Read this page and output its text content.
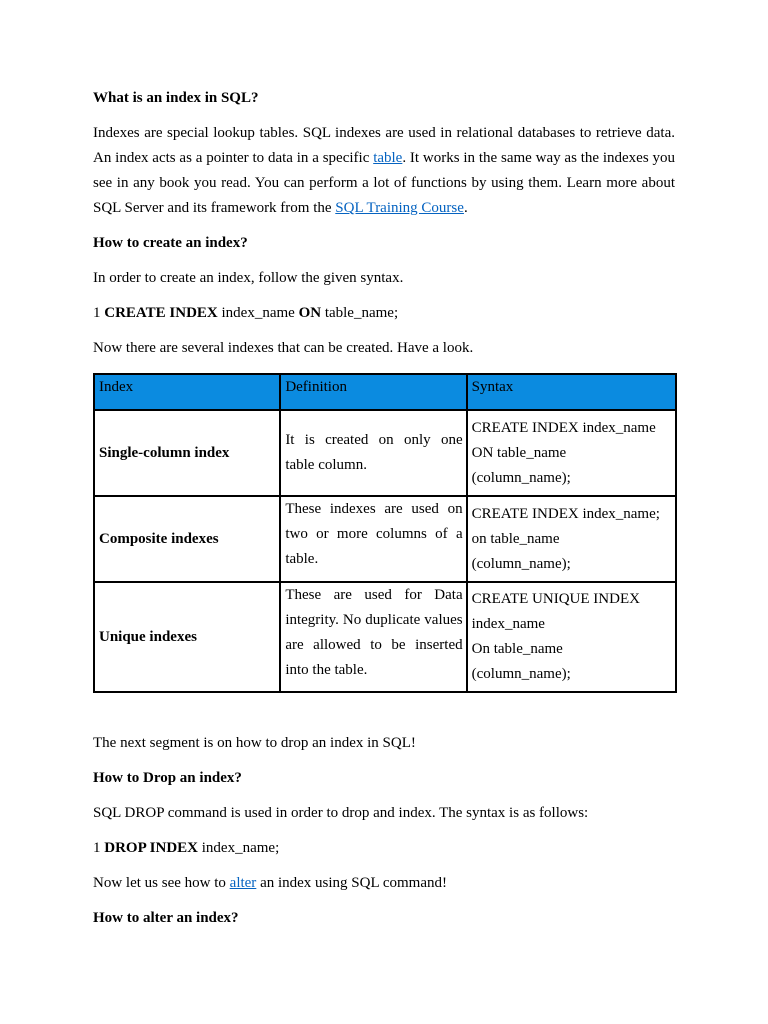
What is an index in SQL?

Indexes are special lookup tables. SQL indexes are used in relational databases to retrieve data. An index acts as a pointer to data in a specific table. It works in the same way as the indexes you see in any book you read. You can perform a lot of functions by using them. Learn more about SQL Server and its framework from the SQL Training Course.

How to create an index?

In order to create an index, follow the given syntax.

1 CREATE INDEX index_name ON table_name;

Now there are several indexes that can be created. Have a look.

Index	Definition	Syntax
Single-column index	It is created on only one table column.	CREATE INDEX index_name
ON table_name
(column_name);

Composite indexes	These indexes are used on two or more columns of a table.	CREATE INDEX index_name;
on table_name
(column_name);

Unique indexes	These are used for Data integrity. No duplicate values are allowed to be inserted into the table.	CREATE UNIQUE INDEX
index_name
On table_name
(column_name);

The next segment is on how to drop an index in SQL!

How to Drop an index?

SQL DROP command is used in order to drop and index. The syntax is as follows:

1 DROP INDEX index_name;

Now let us see how to alter an index using SQL command!

How to alter an index?
